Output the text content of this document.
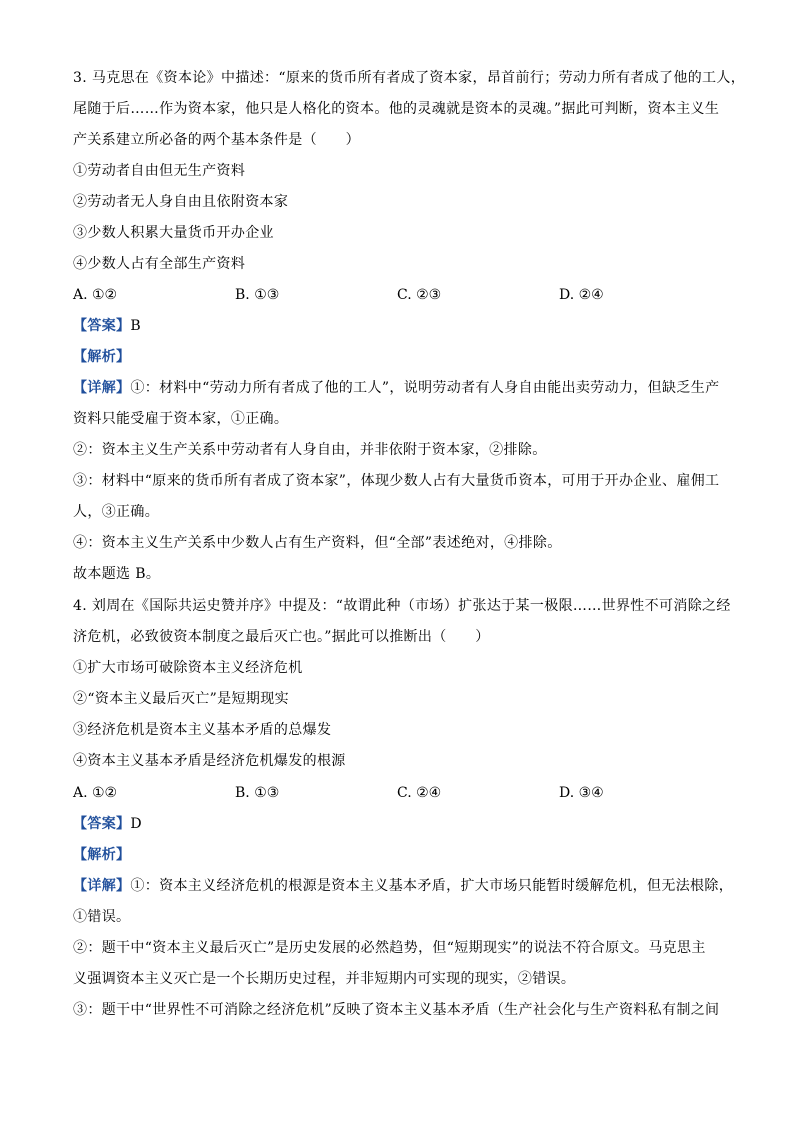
3. 马克思在《资本论》中描述：“原来的货币所有者成了资本家，昂首前行；劳动力所有者成了他的工人，
尾随于后……作为资本家，他只是人格化的资本。他的灵魂就是资本的灵魂。”据此可判断，资本主义生
产关系建立所必备的两个基本条件是（　　）
①劳动者自由但无生产资料
②劳动者无人身自由且依附资本家
③少数人积累大量货币开办企业
④少数人占有全部生产资料
A. ①②	B. ①③	C. ②③	D. ②④
【答案】B
【解析】
【详解】①：材料中“劳动力所有者成了他的工人”，说明劳动者有人身自由能出卖劳动力，但缺乏生产
资料只能受雇于资本家，①正确。
②：资本主义生产关系中劳动者有人身自由，并非依附于资本家，②排除。
③：材料中“原来的货币所有者成了资本家”，体现少数人占有大量货币资本，可用于开办企业、雇佣工
人，③正确。
④：资本主义生产关系中少数人占有生产资料，但“全部”表述绝对，④排除。
故本题选 B。
4. 刘周在《国际共运史赞并序》中提及：“故谓此种（市场）扩张达于某一极限……世界性不可消除之经
济危机，必致彼资本制度之最后灭亡也。”据此可以推断出（　　）
①扩大市场可破除资本主义经济危机
②“资本主义最后灭亡”是短期现实
③经济危机是资本主义基本矛盾的总爆发
④资本主义基本矛盾是经济危机爆发的根源
A. ①②	B. ①③	C. ②④	D. ③④
【答案】D
【解析】
【详解】①：资本主义经济危机的根源是资本主义基本矛盾，扩大市场只能暂时缓解危机，但无法根除，
①错误。
②：题干中“资本主义最后灭亡”是历史发展的必然趋势，但“短期现实”的说法不符合原文。马克思主
义强调资本主义灭亡是一个长期历史过程，并非短期内可实现的现实，②错误。
③：题干中“世界性不可消除之经济危机”反映了资本主义基本矛盾（生产社会化与生产资料私有制之间
